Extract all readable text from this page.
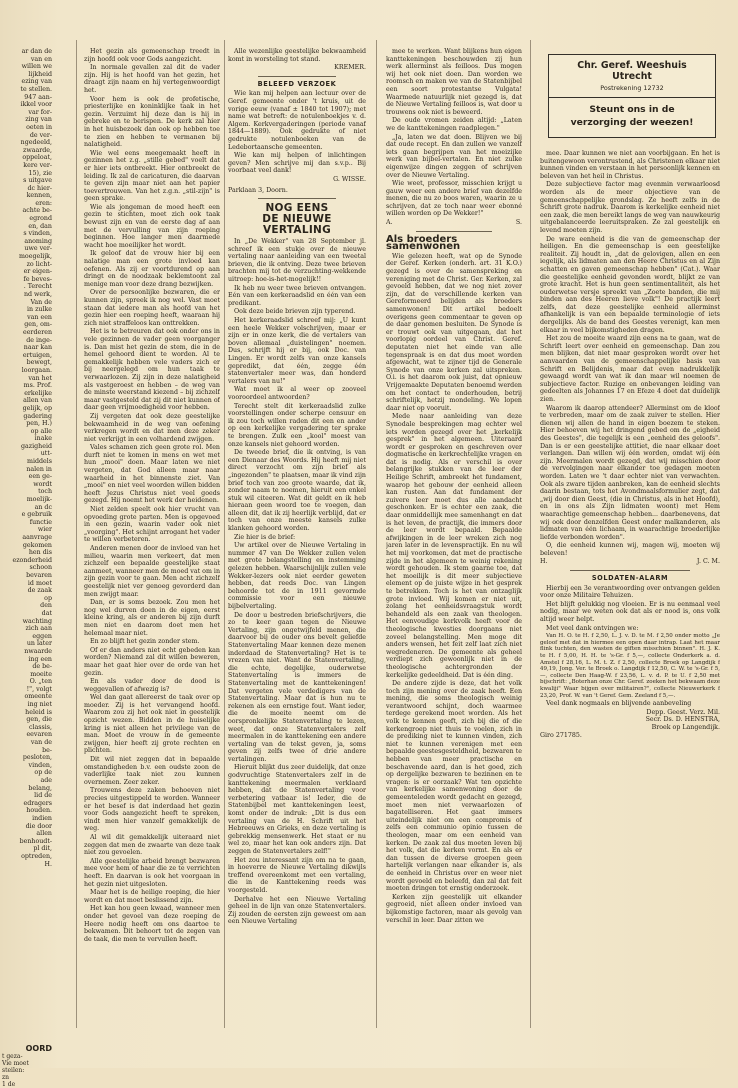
ar dan de
van en
willen we
lijkheid
ezing van
te stellen.
947 aan-
ikkel voor
var for-
zing van
oeten in
de ver-
ngedeeld,
zwaarde,
oppeloat,
kere ver-
15), zie
s uitgave
dc hier-
kennen,
eren:
achte be-
egrond
en, dan
s vinden,
anoming
uwe ver-
moegelijk,
zo licht-
er eigen-
fe beves-
. Terecht
nd werk,
Van de
in zulke
van een
gen, om-
eerderen
de inge-
naar kan
ertuigen,
bewegt,
loorgaan.
van het
ms. Prof.
erkelijke
allen van
gelijk, op
gadering
pen, H.)
op alle
inake
gazigheid
utt-
middels
nalen in
een ge-
wordt
toch
moelijk-
an dc
e gebruik
functie
wier
aanvrage
gekomen
hen dis
ezonderheid
schoon
bevaren
id moet
de zaak
op
den
dat
wachting
zich aan
eggen
un later
nwaarde
ing een
de be-
moeite
O. „ten
!", volgt
omeente
ing niet
heleid is
gen, die
classis,
eevaren
van de
be-
pesloten,
vinden,
op de
ade
belang,
lid de
edragers
houden.
indien
die door
allen
benhoudt-
pl dit,
optreden,
H.
OORD
t geza-
Vie moet
steilen:
zn
1 de

Het gezin als gemeenschap treedt in zijn hoofd ook voor Gods aangezicht.

In normale gevallen zal dit de vader zijn. Hij is het hoofd van het gezin, het draagt zijn naam en hij vertegenwoordigt het.

Voor hem is ook de profetische, priesterlijke en koninklijke taak in het gezin. Verzuimt hij deze dan is hij in gebreke en te berispen. De kerk zal hier in het huisbezoek dan ook op hebben toe te zien en hebben te vermanen bij nalatigheid.

Wie wel eens meegemaakt heeft in gezinnen het z.g. „stille gebed" voelt dat er hier iets ontbreekt. Hier ontbreekt de leiding. Ik zal de caricaturen, die daarvan te geven zijn maar niet aan het papier toevertrouwen. Van het z.g.n. „stil-zijn" is geen sprake.

Wie als jongeman de moed heeft een gezin te stichten, moet zich ook taak bewust zijn en van de eerste dag af aan met de vervulling van zijn roeping beginnen. Hoe langer men daarmede wacht hoe moeilijker het wordt.

Ik geloof dat de vrouw hier bij een nalatige man een grote invloed kan oefenen. Als zij er voortdurend op aan dringt en de noodzaak beklemtoont zal menige man voor deze drang bezwijken.

Over de persoonlijke bezwaren, die er kunnen zijn, spreek ik nog wel. Vast moet staan dat iedere man als hoofd van het gezin hier een roeping heeft, waaraan hij zich niet straffeloos kan onttrekken.

Het is te betreuren dat ook onder ons in vele gezinnen de vader geen voorganger is. Dan mist het gezin de stem, die in de hemel gehoord dient te worden. Al te gemakkelijk hebben vele vaders zich er bij neergelegd om hun taak te verwaarlozen. Zij zijn in deze nalatigheid als vastgeroest en hebben – de weg van de minste weerstand kiezend – bij zichzelf maar vastgesteld dat zij dit niet kunnen of daar geen vrijmoedigheid voor hebben.

Zij vergeten dat ook deze geestelijke bekwaamheid in de weg van oefening verkregen wordt en dat men deze zeker niet verkrijgt in een volhardend zwijgen.

Vales schamen zich geen grote rol. Men durft niet te komen in mens en wet met hun „mooi" doen. Maar laten we niet vergeten, dat God alleen maar naar waarheid in het binnenste ziet. Van „mooi" en niet veel woorden willen bidden heeft Jezus Christus niet veel goeds gezegd. Hij noemt het werk der heidenen.

Niet zelden speelt ook hier vrucht van opvoeding grote parten. Men is opgevoed in een gezin, waarin vader ook niet „voorging". Het schijnt arrogant het vader te willen verbeteren.

Anderen menen door de invloed van het milieu, waarin men verkeert, dat men zichzelf een bepaalde geestelijke staat aanmeet, wanneer men de moed vat om in zijn gezin voor te gaan. Men acht zichzelf geestelijk niet ver genoeg gevorderd dan men zwijgt maar.

Dan, er is soms bezoek. Zou men het nog wel durven doen in de eigen, eerst kleine kring, als er anderen bij zijn durft men niet en daarom doet men het helemaal maar niet.

En zo blijft het gezin zonder stem.

Of er dan anders niet echt gebeden kan worden? Niemand zal dit willen beweren, maar het gaat hier over de orde van het gezin.

En als vader door de dood is weggevallen of afwezig is?

Wel dan gaat allereerst de taak over op moeder. Zij is het vervangend hoofd. Waarom zou zij het ook niet in geestelijk opzicht wezen. Bidden in de huiselijke kring is niet alleen het privilege van de man. Moet de vrouw in de gemeente zwijgen, hier heeft zij grote rechten en plichten.

Dit wil niet zeggen dat in bepaalde omstandigheden b.v. een oudste zoon de vaderlijke taak niet zou kunnen overnemen. Zeer zeker.

Trouwens deze zaken behoeven niet precies uitgestippeld te worden. Wanneer er het besef is dat inderdaad het gezin voor Gods aangezicht heeft te spreken, vindt men hier vanzelf gemakkelijk de weg.

Al wil dit gemakkelijk uiteraard niet zeggen dat men de zwaarte van deze taak niet zou gevoelen.

Alle geestelijke arbeid brengt bezwaren mee voor hem of haar die ze te verrichten heeft. En daarvan is ook het voorgaan in het gezin niet uitgesloten.

Maar het is de heilige roeping, die hier wordt en dat moet beslissend zijn.

Het kan hou geen kwaad, wanneer men onder het gevoel van deze roeping de Heere nodig heeft om ons daartoe te bekwamen. Dit behoort tot de zegen van de taak, die men te vervullen heeft.

Alle wezenlijke geestelijke bekwaamheid komt in worsteling tot stand.

KREMER.
BELEEFD VERZOEK

Wie kan mij helpen aan lectuur over de Geref. gemeente onder 't kruis, uit de vorige eeuw (vanaf ± 1840 tot 1907); met name wat betreft: de notulenboekjes v. d. Algem. Kerkvergaderingen (periode vanaf 1844—1889). Ook gedrukte of niet gedrukte notulenboeken van de Ledebortaansche gemeenten.

Wie kan mij helpen of inlichtingen geven? Men schrijve mij dan s.v.p.. Bij voorbaat veel dank!

G. WISSE.
Parklaan 3, Doorn.
NOG EENS
DE NIEUWE VERTALING

In „De Wekker" van 28 September jl. schreef ik een stukje over de nieuwe vertaling naar aanleiding van een tweetal brieven, die ik ontving. Deze twee brieven brachten mij tot de verzuchting-wekkende uitroep: hoe-is-het-mogelijk!!

Ik heb nu weer twee brieven ontvangen. Eén van een kerkeraadslid en één van een predikant.

Ook deze beide brieven zijn typerend.

Het kerkeraadslid schreef mij: „U kunt een heele Wekker volschrijven, maar er zijn er in onze kerk, die de vertalers van boven allemaal „duistelingen" noemen. Dus, schrijft hij er bij, ook Doc. van Lingen. Er wordt zelfs van onze kansels gepredikt, dat één, zegge één statenvertaler meer was, dan honderd vertalers van nu!"

Wat moet ik al weer op zooveel vooroordeel antwoorden?

Terecht stelt dit kerkeraadslid zulke voorstellingen onder scherpe censuur en ik zou toch willen raden dit een en ander op een kerkelijke vergadering ter sprake te brengen. Zulk een „kool" moest van onze kansels niet gehoord worden.

De tweede brief, die ik ontving, is van een Dienaar des Woords. Hij heeft mij niet direct verzocht om zijn brief als „ingezonden" te plaatsen, maar ik vind zijn brief toch van zoo groote waarde, dat ik, zonder naam te noemen, hieruit een enkel stuk wil citeeren. Wat dit geldt en ik heb hieraan geen woord toe te voegen, dan alleen dit, dat ik zij heerlijk verblijd, dat er toch van onze meeste kansels zulke klanken gehoord worden.

Zie hier is de brief:

Uw artikel over de Nieuwe Vertaling in nummer 47 van De Wekker zullen velen met grote belangstelling en instemming gelezen hebben. Waarschijnlijk zullen vele Wekker-lezers ook niet eerder geweten hebben, dat reeds Doc. van Lingen behoorde tot de in 1911 gevormde commissie voor een nieuwe bijbelvertaling.

De door u bestreden briefschrijvers, die zo te keer gaan tegen de Nieuwe Vertaling, zijn ongetwijfeld menen, die daarvoor bij de ouder ons bevelt geliefde Statenvertaling Maar kennen deze menen inderdaad de Statenvertaling? Het is te vrezen van niet. Want de Statenvertaling, die echte, degelijke, ouderwetse Statenvertaling is immers de Statenvertaling met de kanttekeningen! Dat vergeten vele verdedigers van de Statenvertaling. Maar dat is hun nu te rekenen als een ernstige fout. Want ieder, die de moeite neemt om de oorspronkelijke Statenvertaling te lezen, weet, dat onze Statenvertalers zelf meermalen in de kanttekening een andere vertaling van de tekst geven, ja, soms geven zij zelfs twee of drie andere vertalingen.

Hieruit blijkt dus zeer duidelijk, dat onze godvruchtige Statenvertalers zelf in de kanttekening meermalen verklaard hebben, dat de Statenvertaling voor verbetering vatbaar is! Ieder, die de Statenbijbel met kanttekeningen leest, komt onder de indruk: „Dit is dus een vertaling van de H. Schrift uit het Hebreeuws en Grieks, en deze vertaling is gebrekkig mensenwerk. Het staat er nu wel zo, maar het kan ook anders zijn. Dat zeggen de Statenvertalers zelf!"

Het zou interessant zijn om na te gaan, in hoeverre de Nieuwe Vertaling dikwijls treffend overeenkomt met een vertaling, die in de Kanttekening reeds was voorgesteld.

Derhalve het een Nieuwe Vertaling geheel in de lijn van onze Statenvertalers. Zij zouden de eersten zijn geweest om aan een Nieuwe Vertaling

mee te werken. Want blijkens hun eigen kanttekeningen beschouwden zij hun werk allerminst als feilloos. Dus mogen wij het ook niet doen. Dan worden we roomsch en maken we van de Statenbijbel een soort protestantse Vulgata! Waarmede natuurlijk niet gezegd is, dat de Nieuwe Vertaling feilloos is, wat door u trouwens ook niet is beweerd.

De oude vromen zeiden altijd: „Laten we de kanttekeningen raadplegen."

„Ja, laten we dat doen. Blijven we bij dat oude recept. En dan zullen we vanzelf iets gaan begrijpen van het moeizijke werk van bijbel-vertalen. En niet zulke eigenwijze dingen zeggen of schrijven over de Nieuwe Vertaling.

Wie weet, professor, misschien krijgt u gauw weer een andere brief van dezelfde menen, die nu zo boos waren, waarin ze u schrijven, dat ze toch naar weer ebonné willen worden op De Wekker!"

A.	S.
Als broeders samenwonen

Wie gelezen heeft, wat op de Synode der Geref. Kerken (onderh. art. 31 K.O.) gezegd is over de samenspreking en vereniging met de Christ. Ger. Kerken, zal gevoeld hebben, dat we nog niet zover zijn, dat de verschillende kerken van Gereformeerd belijden als broeders samenwonen! Dit artikel bedoelt overigens geen commentaar te geven op de daar genomen besluiten. De Synode is er trouwt ook van uitgegaan, dat het voorlopig oordeel van Christ. Geref. deputaten niet het einde van alle tegenspraak is en dat dus moet worden afgewacht, wat te zijner tijd de Generale Synode van onze kerken zal uitspreken. O.i. is het daarom ook juist, dat opnieuw Vrijgemaakte Deputaten benoemd werden om het contact te onderhouden, betrij schriftelijk, hetzij mondeling. We lopen daar niet op vooruit.

Mede naar aanleiding van deze Synodale besprekingen mag echter wel iets worden gezegd over het „kerkelijk gesprek" in het algemeen. Uiteraard wordt er gesproken en geschreven over dogmatische en kerkrechtelijke vragen en dat is nodig. Als er verschil is over belangrijke stukken van de leer der Heilige Schrift, ambreekt het fundament, waarop het gebouw der eenheid alleen kan rusten. Aan dat fundament der zuivere leer moet dus alle aandacht geschonken. Er is echter een zaak, die daar onmiddellijk mee samenhangt en dat is het leven, de practijk, die immers door de leer wordt bepaald. Bepaalde afwijkingen in de leer wreken zich nog jaren later in de levenspractijk. En nu wil het mij voorkomen, dat met de practische zijde in het algemeen te weinig rekening wordt gehouden. Ik stem gaarne toe, dat het moeilijk is dit meer subjectieve element op de juiste wijze in het gesprek te betrekken. Toch is het van ontzaglijk grote invloed. Wij komen er niet uit, zolang het eenheidsvraagstuk wordt behandeld als een zaak van theologen. Het eenvoudige kerkvolk heeft voor de theologische kwesties doorgaans niet zoveel belangstelling. Men moge dit anders wensen, het feit zelf laat zich niet wegredeneren. De gemeente als geheel verdiept zich gewoonlijk niet in de theologische achtergronden der kerkelijke gedeeldheid. Dat is één ding.

De andere zijde is deze, dat het volk toch zijn mening over de zaak heeft. Een mening, die soms theologisch weinig verantwoord schijnt, doch waarmee terdege gerekend moet worden. Als het volk te kennen geeft, zich bij die of die kerkengroep niet thuis te voelen, zich in de prediking niet te kunnen vinden, zich niet te kunnen verenigen met een bepaalde geestesgesteldheid, bezwaren te hebben van meer practische en beschavende aard, dan is het goed, zich op dergelijke bezwaren te bezinnen en te vragen: is er oorzaak? Wat ten opzichte van kerkelijke samenwoning door de gemeenteleden wordt gedacht en gezegd, moet men niet verwaarlozen of bagatelliseren. Het gaat immers uiteindelijk niet om een compromis of zelfs een communio opinio tussen de theologen, maar om een eenheid van kerken. De zaak zal dus moeten leven bij het volk, dat die kerken vormt. En als er dan tussen de diverse groepen geen hartelijk verlangen naar elkander is, als de eenheid in Christus over en weer niet wordt gevoeld en beleefd, dan zal dat feit moeten dringen tot ernstig onderzoek.

Kerken zijn geestelijk uit elkander gegroeid, niet alleen onder invloed van bijkomstige factoren, maar als gevolg van verschil in leer. Daar zitten we

Chr. Geref. Weeshuis
Utrecht
Postrekening 12732
Steunt ons in de
verzorging der weezen!

mee. Daar kunnen we niet aan voorbijgaan. En het is buitengewoon verontrustend, als Christenen elkaar niet kunnen vinden en verstaan in het persoonlijk kennen en beleven van het heil in Christus.

Deze subjectieve factor mag evenmin verwaarloosd worden als de meer objectieve van de gemeenschappelijke grondslag. Ze heeft zelfs in de Schrift grote nadruk. Daarom is kerkelijke eenheid niet een zaak, die men bereikt langs de weg van nauwkeurig uitgebalanceerde leeruitspraken. Ze zal geestelijk en levend moeten zijn.

De ware eenheid is die van de gemeenschap der heiligen. En die gemeenschap is een geestelijke realiteit. Zij houdt in, „dat de gelovigen, allen en een iegelijk, als lidmaten aan den Heere Christus en al Zijn schatten en gaven gemeenschap hebben" (Cat.). Waar die geestelijke eenheid gevonden wordt, blijkt ze van grote kracht. Het is hun geen sentimentaliteit, als het ouderwetse versje spreekt van „Zoete banden, die mij binden aan des Heeren lieve volk"! De practijk leert zelfs, dat deze geestelijke eenheid allerminst afhankelijk is van een bepaalde terminologie of iets dergelijks. Als de band des Geestes verenigt, kan men elkaar in veel bijkomstigheden dragen.

Het zou de moeite waard zijn eens na te gaan, wat de Schrift leert over eenheid en gemeenschap. Dan zou men blijken, dat niet maar gesproken wordt over het aanvaarden van de gemeenschappelijke basis van Schrift en Belijdenis, maar dat even nadrukkelijk gewaagd wordt van wat ik dan maar wil noemen de subjectieve factor. Ruzige en onbevangen leiding van gedeelten als Johannes 17 en Efeze 4 doet dat duidelijk zien.

Waarom ik daarop attendeer? Allerminst om de kloof te verbreden, maar om de zaak zuiver te stellen. Hier dienen wij allen de hand in eigen boezem te steken. Hier behoeven wij het dringend gebed om de „eigheid des Geestes", die tegelijk is een „eenheid des geloofs". Dan is er een geestelijke attitiet, die naar elkaar doet verlangen. Dan willen wij één worden, omdat wij één zijn. Meermalen wordt gezegd, dat wij misschien door de vervolgingen naar elkander toe gedagen moeten worden. Laten we 't daar echter niet van verwachten. Ook als zware tijden aanbreken, kan de eenheid slechts daarin bestaan, tots het Avondmaalsformulier zegt, dat „wij door dien Geest, (die in Christus, als in het Hoofd), en in ons als Zijn lidmaten woont) met Hem waarachtige gemeenschap hebben... daarbenevens, dat wij ook door denzelfden Geest onder malkanderen, als lidmaten van één lichaam, in waarachtige broederlijke liefde verbonden worden".

O, die eenheid kunnen wij, magen wij, moeten wij beleven!

H.	J. C. M.
SOLDATEN-ALARM

Hierbij een 3e verantwoording over ontvangen gelden voor onze Militaire Tehuizen.

Het blijft gelukkig nog vloeien. Er is nu eenmaal veel nodig, maar we weten ook dat als er nood is, ons volk altijd weer helpt.

Met veel dank ontvingen we:

Van H. O. te H. f 2,50, L. J. v. D. te M. f 2,50 onder motto „Je geloof met dat in hiermee een open daar intrap. Laat het maar flink tuchten, den wasten de giften misschien binnen". H. J. K. te H. f 5,00, H. H. te 's-Gr. f 5,—, collecte Onderkerk a. d. Amstel f 28,16, L. M. t. Z. f 2,50, collecte Broek op Langdijk f 49,19, Jong. Ver. te Broek o. Langdijk f 12,50, C. W. te 's-Gr. f 5,—, collecte Den Haag-W. f 23,56, L. v. d. P. te U. f 2,50 met bijschrift: „Boterhan onze Chr. Geref. zoeken het bekwaam deze kwaliji" Waar bijgen over militairen?", collecte Nieuwerkerk f 23,20, Prof. W. van 't Geref. Gem. Zeeland f 5,—.

Veel dank nogmaals en blijvende aanbeveling

Depp. Geest. Verz. Mil.
Secr. Ds. D. HENSTRA,
Broek op Langendijk.
Giro 271785.
